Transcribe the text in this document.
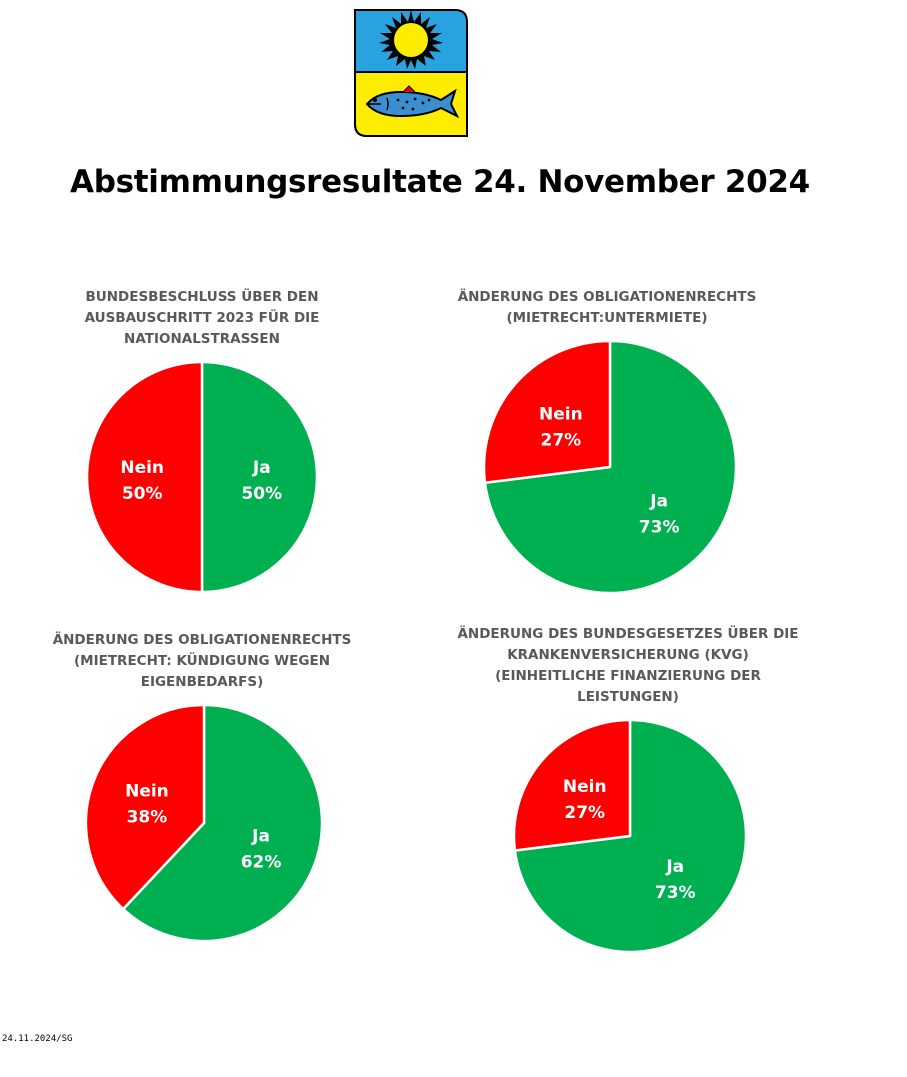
Abstimmungsresultate 24. November 2024
BUNDESBESCHLUSS ÜBER DEN
AUSBAUSCHRITT 2023 FÜR DIE
NATIONALSTRASSEN
Ja
50%
Nein
50%
ÄNDERUNG DES OBLIGATIONENRECHTS
(MIETRECHT:UNTERMIETE)
Ja
73%
Nein
27%
ÄNDERUNG DES OBLIGATIONENRECHTS
(MIETRECHT: KÜNDIGUNG WEGEN
EIGENBEDARFS)
Ja
62%
Nein
38%
ÄNDERUNG DES BUNDESGESETZES ÜBER DIE
KRANKENVERSICHERUNG (KVG)
(EINHEITLICHE FINANZIERUNG DER
LEISTUNGEN)
Ja
73%
Nein
27%
24.11.2024/SG
